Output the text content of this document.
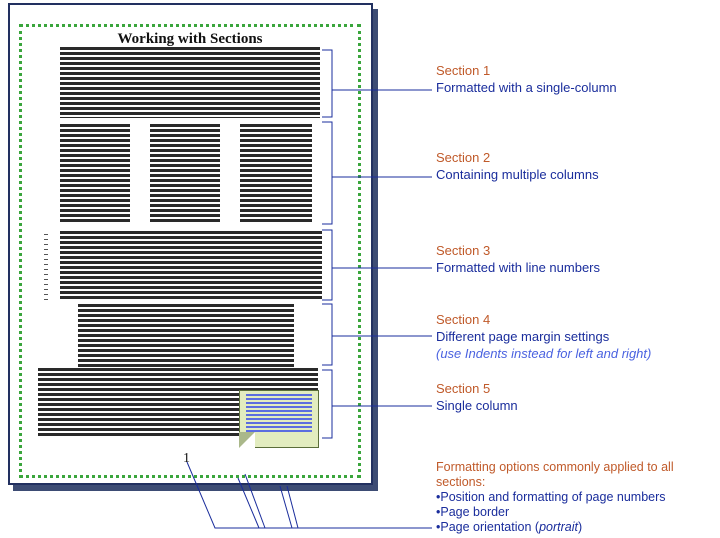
Working with Sections
1
Section 1
Formatted with a single-column
Section 2
Containing multiple columns
Section 3
Formatted with line numbers
Section 4
Different page margin settings
(use Indents instead for left and right)
Section 5
Single column
Formatting options commonly applied to all
sections:
•Position and formatting of page numbers
•Page border
•Page orientation (portrait)
